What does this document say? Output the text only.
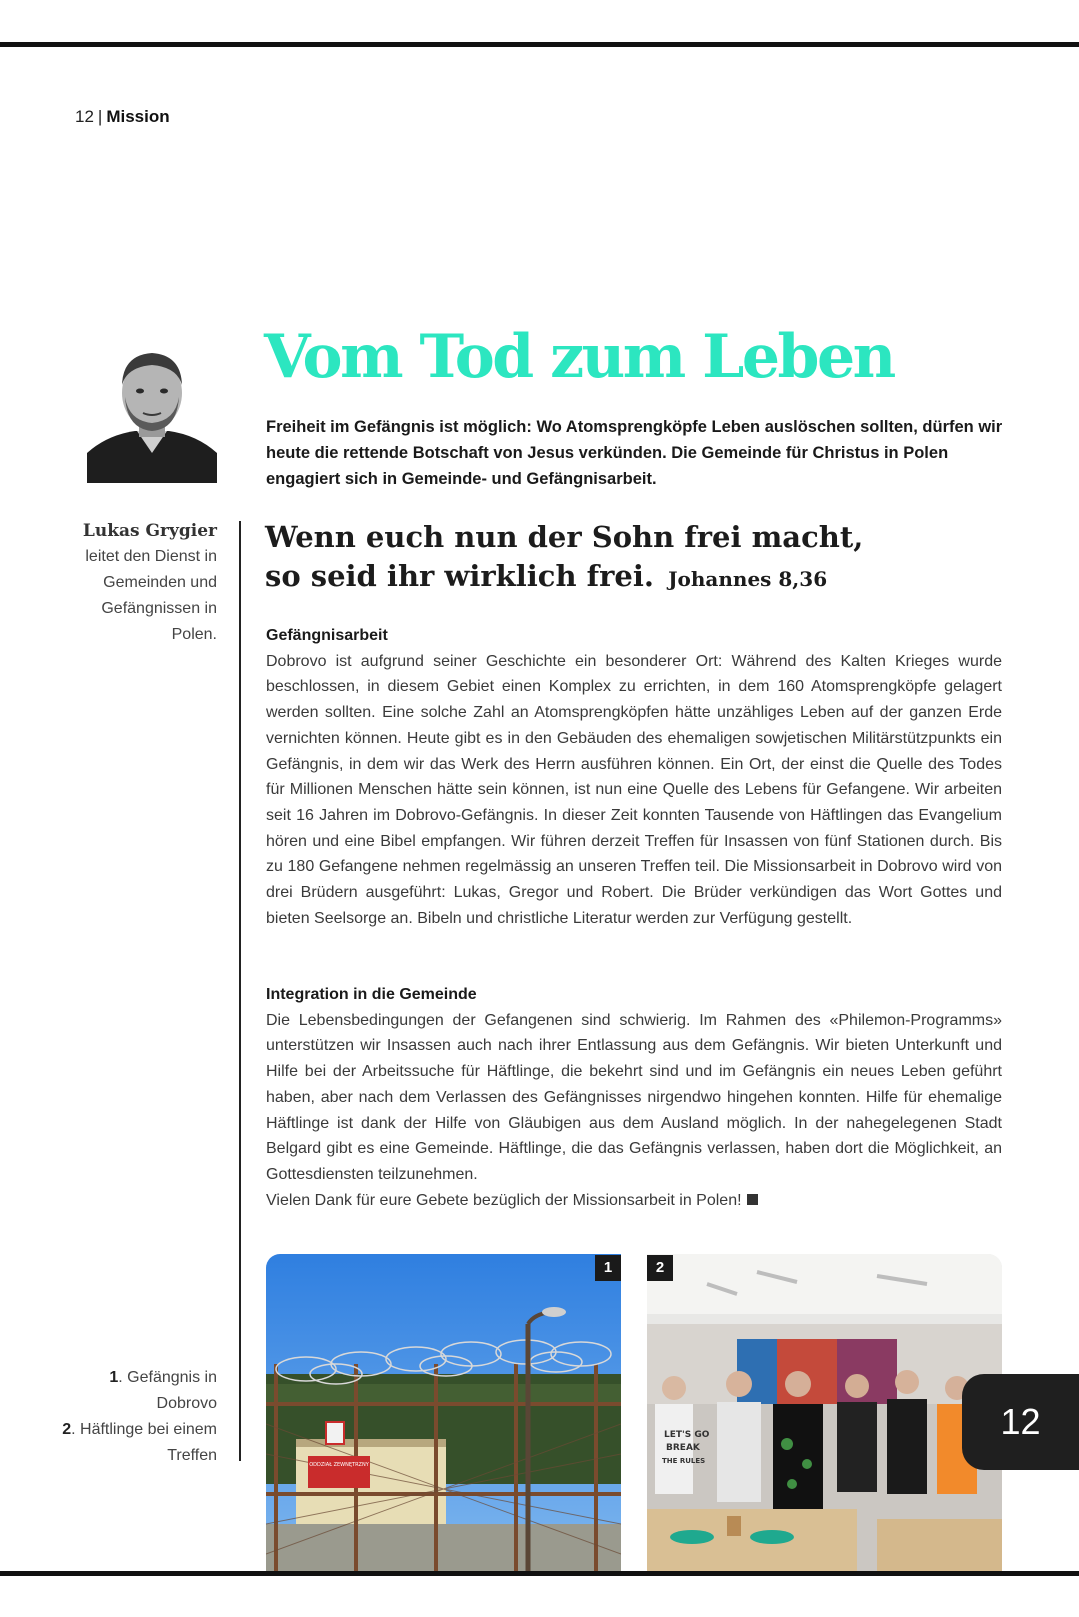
12 | Mission
Lukas Grygier
leitet den Dienst in Gemeinden und Gefängnissen in Polen.
Vom Tod zum Leben

Freiheit im Gefängnis ist möglich: Wo Atomsprengköpfe Leben auslöschen sollten, dürfen wir heute die rettende Botschaft von Jesus verkünden. Die Gemeinde für Christus in Polen engagiert sich in Gemeinde- und Gefängnisarbeit.

Wenn euch nun der Sohn frei macht,
so seid ihr wirklich frei. Johannes 8,36

Gefängnisarbeit

Dobrovo ist aufgrund seiner Geschichte ein besonderer Ort: Während des Kalten Krieges wurde beschlossen, in diesem Gebiet einen Komplex zu errichten, in dem 160 Atomsprengköpfe gelagert werden sollten. Eine solche Zahl an Atomsprengköpfen hätte unzähliges Leben auf der ganzen Erde vernichten können. Heute gibt es in den Gebäuden des ehemaligen sowjetischen Militärstützpunkts ein Gefängnis, in dem wir das Werk des Herrn ausführen können. Ein Ort, der einst die Quelle des Todes für Millionen Menschen hätte sein können, ist nun eine Quelle des Lebens für Gefangene. Wir arbeiten seit 16 Jahren im Dobrovo-Gefängnis. In dieser Zeit konnten Tausende von Häftlingen das Evangelium hören und eine Bibel empfangen. Wir führen derzeit Treffen für Insassen von fünf Stationen durch. Bis zu 180 Gefangene nehmen regelmässig an unseren Treffen teil. Die Missionsarbeit in Dobrovo wird von drei Brüdern ausgeführt: Lukas, Gregor und Robert. Die Brüder verkündigen das Wort Gottes und bieten Seelsorge an. Bibeln und christliche Literatur werden zur Verfügung gestellt.

Integration in die Gemeinde

Die Lebensbedingungen der Gefangenen sind schwierig. Im Rahmen des «Philemon-Programms» unterstützen wir Insassen auch nach ihrer Entlassung aus dem Gefängnis. Wir bieten Unterkunft und Hilfe bei der Arbeitssuche für Häftlinge, die bekehrt sind und im Gefängnis ein neues Leben geführt haben, aber nach dem Verlassen des Gefängnisses nirgendwo hingehen konnten. Hilfe für ehemalige Häftlinge ist dank der Hilfe von Gläubigen aus dem Ausland möglich. In der nahegelegenen Stadt Belgard gibt es eine Gemeinde. Häftlinge, die das Gefängnis verlassen, haben dort die Möglichkeit, an Gottesdiensten teilzunehmen.

Vielen Dank für eure Gebete bezüglich der Missionsarbeit in Polen!

1. Gefängnis in Dobrovo
2. Häftlinge bei einem Treffen
ODDZIAŁ ZEWNĘTRZNY
1
LET'S GO
BREAK
THE RULES
2
12
